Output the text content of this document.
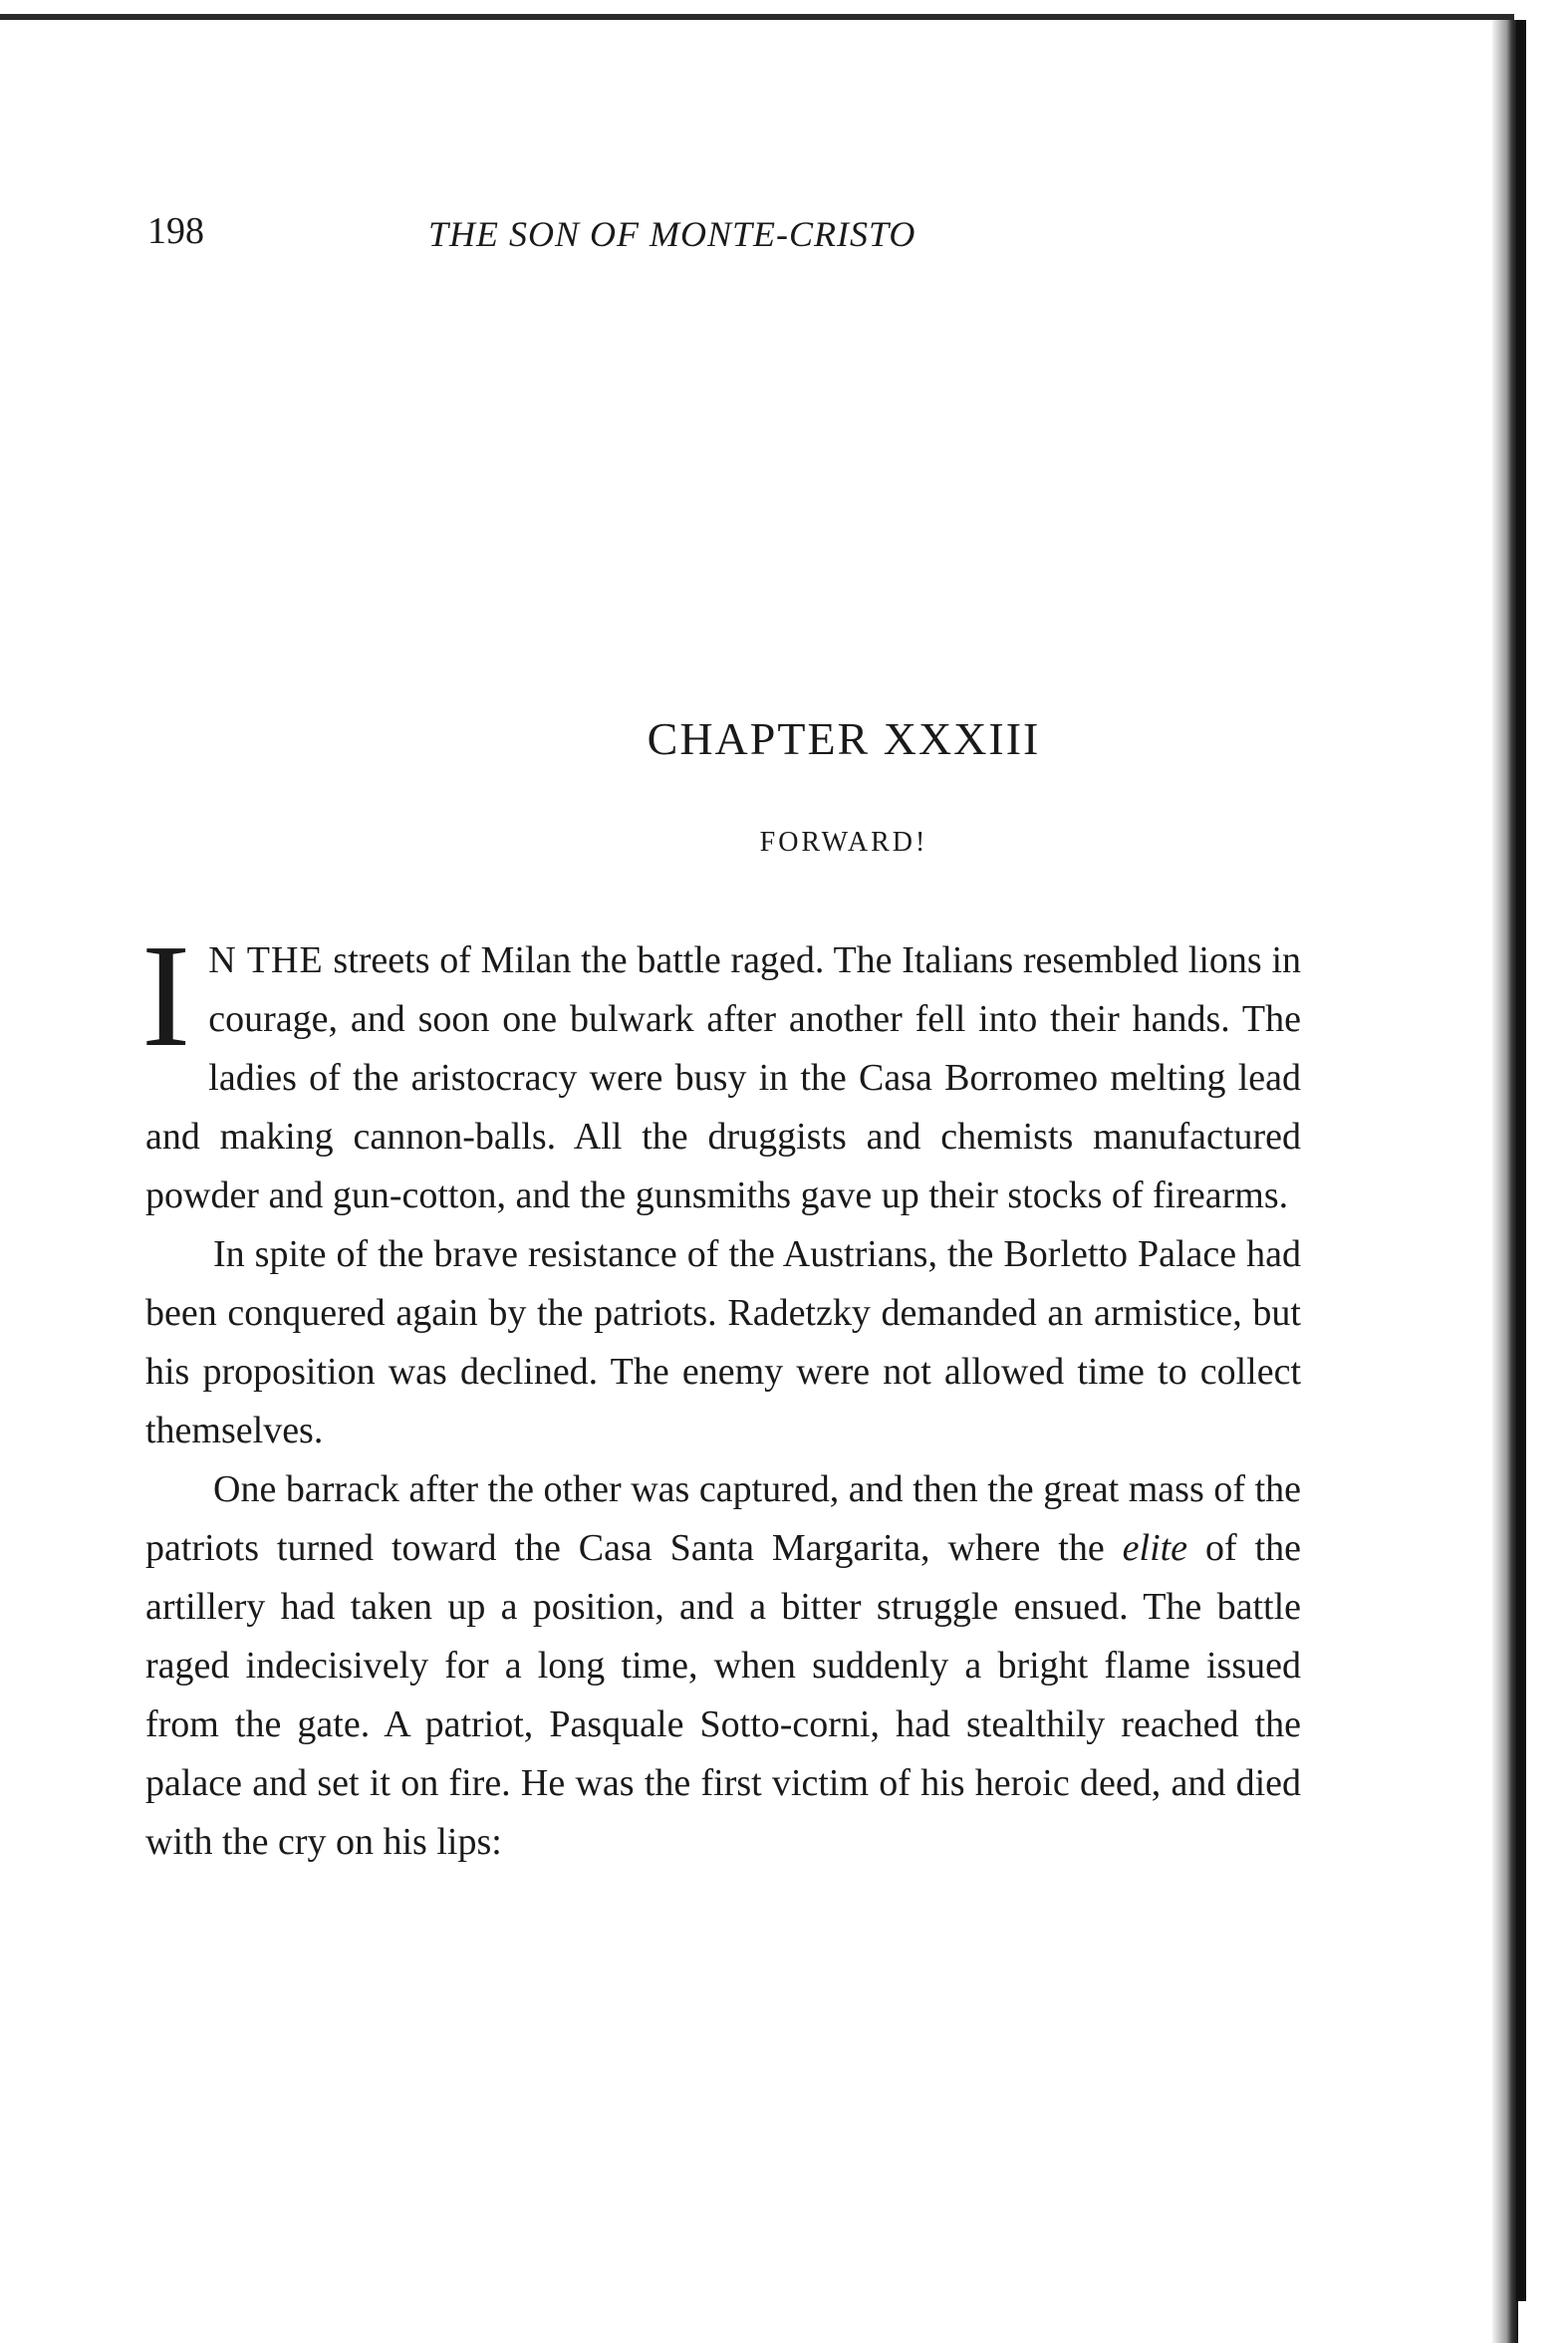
198	THE SON OF MONTE-CRISTO
CHAPTER XXXIII
FORWARD!

I N THE streets of Milan the battle raged. The Italians resembled lions in courage, and soon one bulwark after another fell into their hands. The ladies of the aristocracy were busy in the Casa Borromeo melting lead and making cannon-balls. All the druggists and chemists manufactured powder and gun-cotton, and the gunsmiths gave up their stocks of firearms.

In spite of the brave resistance of the Austrians, the Borletto Palace had been conquered again by the patriots. Radetzky demanded an armistice, but his proposition was declined. The enemy were not allowed time to collect themselves.

One barrack after the other was captured, and then the great mass of the patriots turned toward the Casa Santa Margarita, where the elite of the artillery had taken up a position, and a bitter struggle ensued. The battle raged indecisively for a long time, when suddenly a bright flame issued from the gate. A patriot, Pasquale Sotto-corni, had stealthily reached the palace and set it on fire. He was the first victim of his heroic deed, and died with the cry on his lips:
